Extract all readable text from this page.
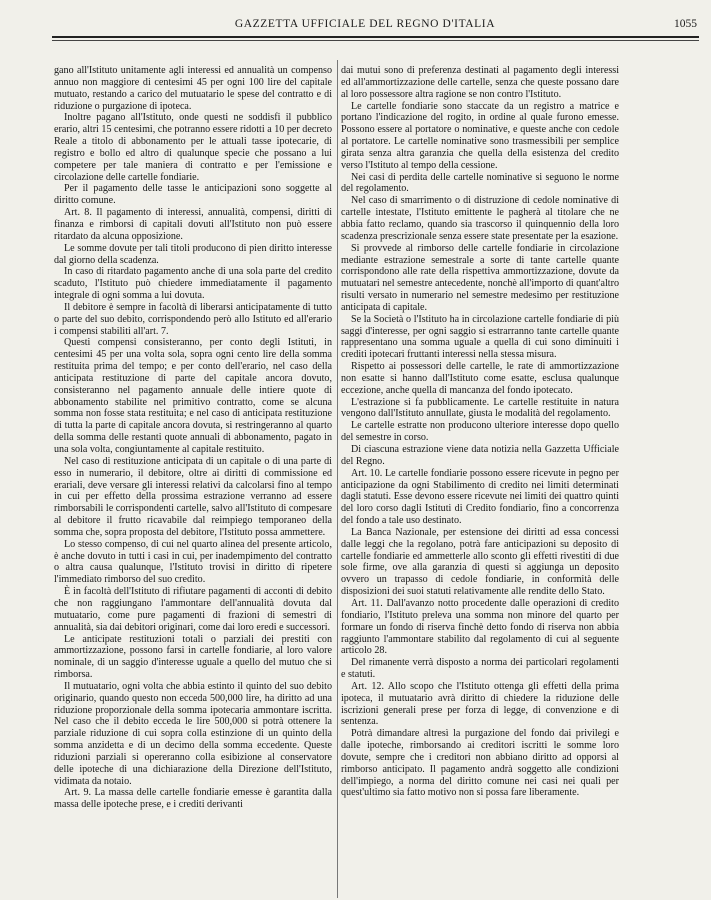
GAZZETTA UFFICIALE DEL REGNO D'ITALIA	1055

gano all'Istituto unitamente agli interessi ed annualità un compenso annuo non maggiore di centesimi 45 per ogni 100 lire del capitale mutuato, restando a carico del mutuatario le spese del contratto e di riduzione o purgazione di ipoteca.

Inoltre pagano all'Istituto, onde questi ne soddisfi il pubblico erario, altri 15 centesimi, che potranno essere ridotti a 10 per decreto Reale a titolo di abbonamento per le attuali tasse ipotecarie, di registro e bollo ed altro di qualunque specie che possano a lui competere per tale maniera di contratto e per l'emissione e circolazione delle cartelle fondiarie.

Per il pagamento delle tasse le anticipazioni sono soggette al diritto comune.

Art. 8. Il pagamento di interessi, annualità, compensi, diritti di finanza e rimborsi di capitali dovuti all'Istituto non può essere ritardato da alcuna opposizione.

Le somme dovute per tali titoli producono di pien diritto interesse dal giorno della scadenza.

In caso di ritardato pagamento anche di una sola parte del credito scaduto, l'Istituto può chiedere immediatamente il pagamento integrale di ogni somma a lui dovuta.

Il debitore è sempre in facoltà di liberarsi anticipatamente di tutto o parte del suo debito, corrispondendo però allo Istituto ed all'erario i compensi stabiliti all'art. 7.

Questi compensi consisteranno, per conto degli Istituti, in centesimi 45 per una volta sola, sopra ogni cento lire della somma restituita prima del tempo; e per conto dell'erario, nel caso della anticipata restituzione di parte del capitale ancora dovuto, consisteranno nel pagamento annuale delle intiere quote di abbonamento stabilite nel primitivo contratto, come se alcuna somma non fosse stata restituita; e nel caso di anticipata restituzione di tutta la parte di capitale ancora dovuta, si restringeranno al quarto della somma delle restanti quote annuali di abbonamento, pagato in una sola volta, congiuntamente al capitale restituito.

Nel caso di restituzione anticipata di un capitale o di una parte di esso in numerario, il debitore, oltre ai diritti di commissione ed erariali, deve versare gli interessi relativi da calcolarsi fino al tempo in cui per effetto della prossima estrazione verranno ad essere rimborsabili le corrispondenti cartelle, salvo all'Istituto di compesare al debitore il frutto ricavabile dal reimpiego temporaneo della somma che, sopra proposta del debitore, l'Istituto possa ammettere.

Lo stesso compenso, di cui nel quarto alinea del presente articolo, è anche dovuto in tutti i casi in cui, per inadempimento del contratto o altra causa qualunque, l'Istituto trovisi in diritto di ripetere l'immediato rimborso del suo credito.

È in facoltà dell'Istituto di rifiutare pagamenti di acconti di debito che non raggiungano l'ammontare dell'annualità dovuta dal mutuatario, come pure pagamenti di frazioni di semestri di annualità, sia dai debitori originari, come dai loro eredi e successori.

Le anticipate restituzioni totali o parziali dei prestiti con ammortizzazione, possono farsi in cartelle fondiarie, al loro valore nominale, di un saggio d'interesse uguale a quello del mutuo che si rimborsa.

Il mutuatario, ogni volta che abbia estinto il quinto del suo debito originario, quando questo non ecceda 500,000 lire, ha diritto ad una riduzione proporzionale della somma ipotecaria ammontare iscritta. Nel caso che il debito ecceda le lire 500,000 si potrà ottenere la parziale riduzione di cui sopra colla estinzione di un quinto della somma anzidetta e di un decimo della somma eccedente. Queste riduzioni parziali si opereranno colla esibizione al conservatore delle ipoteche di una dichiarazione della Direzione dell'Istituto, vidimata da notaio.

Art. 9. La massa delle cartelle fondiarie emesse è garantita dalla massa delle ipoteche prese, e i crediti derivanti

dai mutui sono di preferenza destinati al pagamento degli interessi ed all'ammortizzazione delle cartelle, senza che queste possano dare al loro possessore altra ragione se non contro l'Istituto.

Le cartelle fondiarie sono staccate da un registro a matrice e portano l'indicazione del rogito, in ordine al quale furono emesse. Possono essere al portatore o nominative, e queste anche con cedole al portatore. Le cartelle nominative sono trasmessibili per semplice girata senza altra garanzia che quella della esistenza del credito verso l'Istituto al tempo della cessione.

Nei casi di perdita delle cartelle nominative si seguono le norme del regolamento.

Nel caso di smarrimento o di distruzione di cedole nominative di cartelle intestate, l'Istituto emittente le pagherà al titolare che ne abbia fatto reclamo, quando sia trascorso il quinquennio della loro scadenza prescrizionale senza essere state presentate per la esazione.

Si provvede al rimborso delle cartelle fondiarie in circolazione mediante estrazione semestrale a sorte di tante cartelle quante corrispondono alle rate della rispettiva ammortizzazione, dovute da mutuatari nel semestre antecedente, nonchè all'importo di quant'altro risulti versato in numerario nel semestre medesimo per restituzione anticipata di capitale.

Se la Società o l'Istituto ha in circolazione cartelle fondiarie di più saggi d'interesse, per ogni saggio si estrarranno tante cartelle quante rappresentano una somma uguale a quella di cui sono diminuiti i crediti ipotecari fruttanti interessi nella stessa misura.

Rispetto ai possessori delle cartelle, le rate di ammortizzazione non esatte si hanno dall'Istituto come esatte, esclusa qualunque eccezione, anche quella di mancanza del fondo ipotecato.

L'estrazione si fa pubblicamente. Le cartelle restituite in natura vengono dall'Istituto annullate, giusta le modalità del regolamento.

Le cartelle estratte non producono ulteriore interesse dopo quello del semestre in corso.

Di ciascuna estrazione viene data notizia nella Gazzetta Ufficiale del Regno.

Art. 10. Le cartelle fondiarie possono essere ricevute in pegno per anticipazione da ogni Stabilimento di credito nei limiti determinati dagli statuti. Esse devono essere ricevute nei limiti dei quattro quinti del loro corso dagli Istituti di Credito fondiario, fino a concorrenza del fondo a tale uso destinato.

La Banca Nazionale, per estensione dei diritti ad essa concessi dalle leggi che la regolano, potrà fare anticipazioni su deposito di cartelle fondiarie ed ammetterle allo sconto gli effetti rivestiti di due sole firme, ove alla garanzia di questi si aggiunga un deposito ovvero un trapasso di cedole fondiarie, in conformità delle disposizioni dei suoi statuti relativamente alle rendite dello Stato.

Art. 11. Dall'avanzo notto procedente dalle operazioni di credito fondiario, l'Istituto preleva una somma non minore del quarto per formare un fondo di riserva finchè detto fondo di riserva non abbia raggiunto l'ammontare stabilito dal regolamento di cui al seguente articolo 28.

Del rimanente verrà disposto a norma dei particolari regolamenti e statuti.

Art. 12. Allo scopo che l'Istituto ottenga gli effetti della prima ipoteca, il mutuatario avrà diritto di chiedere la riduzione delle iscrizioni generali prese per forza di legge, di convenzione e di sentenza.

Potrà dimandare altresì la purgazione del fondo dai privilegi e dalle ipoteche, rimborsando ai creditori iscritti le somme loro dovute, sempre che i creditori non abbiano diritto ad opporsi al rimborso anticipato. Il pagamento andrà soggetto alle condizioni dell'impiego, a norma del diritto comune nei casi nei quali per quest'ultimo sia fatto motivo non si possa fare liberamente.
